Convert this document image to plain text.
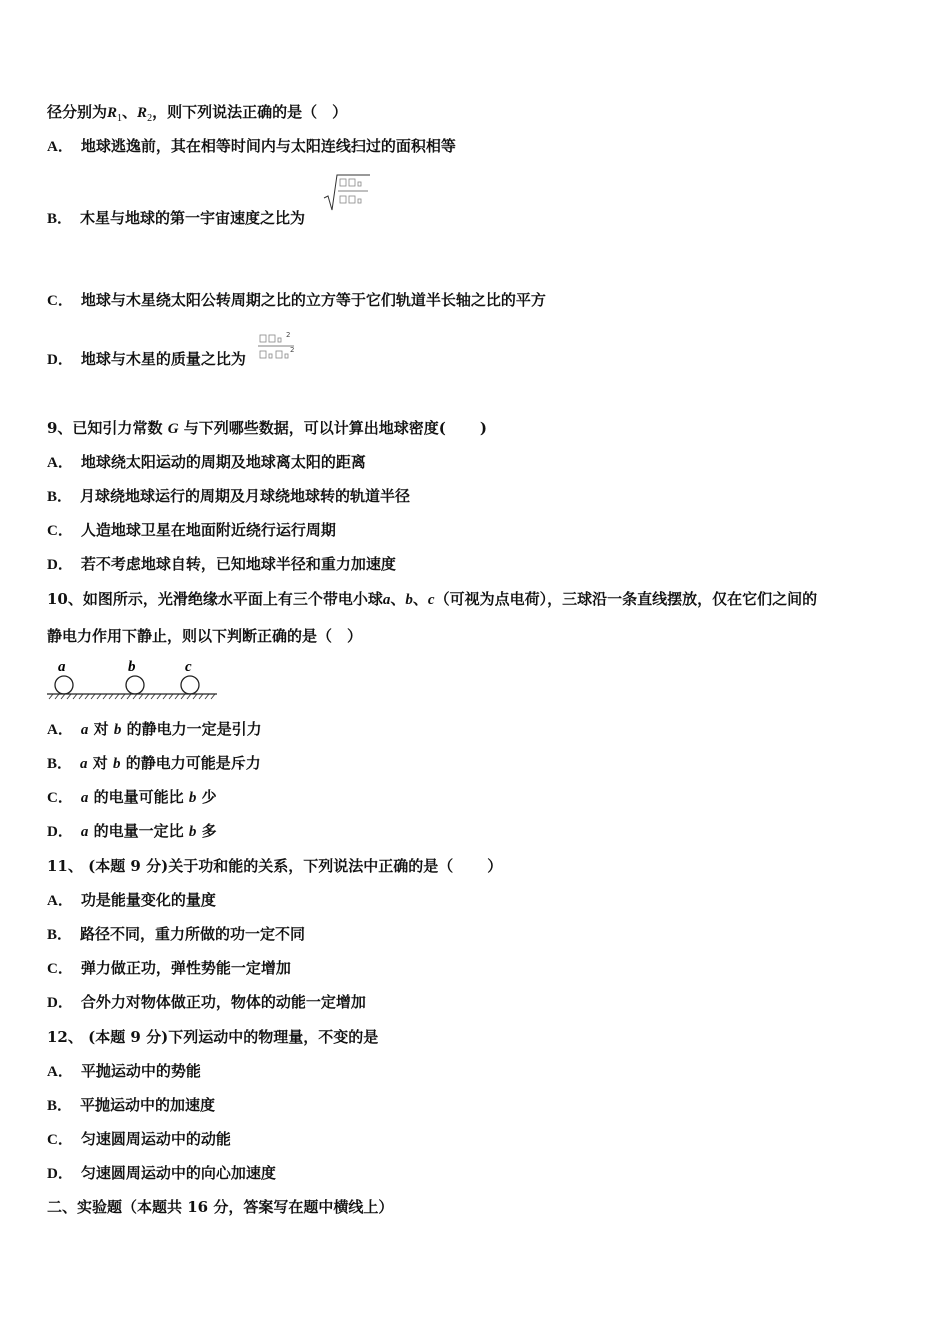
径分别为$R_1$、$R_2$，则下列说法正确的是（　）
A． 地球逃逸前，其在相等时间内与太阳连线扫过的面积相等
B． 木星与地球的第一宇宙速度之比为
C． 地球与木星绕太阳公转周期之比的立方等于它们轨道半长轴之比的平方
D． 地球与木星的质量之比为
2
2
9、已知引力常数 G 与下列哪些数据，可以计算出地球密度( )
A． 地球绕太阳运动的周期及地球离太阳的距离
B． 月球绕地球运行的周期及月球绕地球转的轨道半径
C． 人造地球卫星在地面附近绕行运行周期
D． 若不考虑地球自转，已知地球半径和重力加速度
10、如图所示，光滑绝缘水平面上有三个带电小球a、b、c（可视为点电荷），三球沿一条直线摆放，仅在它们之间的
静电力作用下静止，则以下判断正确的是（　）
a	b	c
A． a 对 b 的静电力一定是引力
B． a 对 b 的静电力可能是斥力
C． a 的电量可能比 b 少
D． a 的电量一定比 b 多
11、 (本题 9 分)关于功和能的关系，下列说法中正确的是（ ）
A． 功是能量变化的量度
B． 路径不同，重力所做的功一定不同
C． 弹力做正功，弹性势能一定增加
D． 合外力对物体做正功，物体的动能一定增加
12、 (本题 9 分)下列运动中的物理量，不变的是
A． 平抛运动中的势能
B． 平抛运动中的加速度
C． 匀速圆周运动中的动能
D． 匀速圆周运动中的向心加速度
二、实验题（本题共 16 分，答案写在题中横线上）
